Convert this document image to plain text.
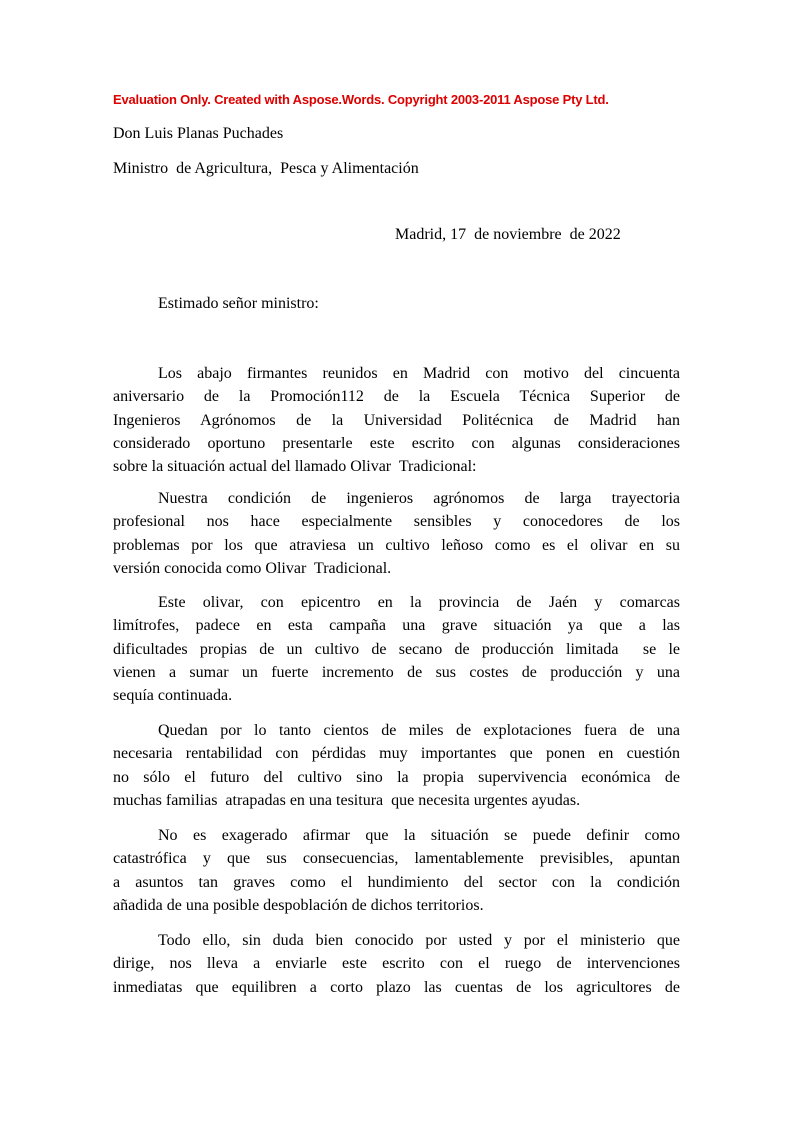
Evaluation Only. Created with Aspose.Words. Copyright 2003-2011 Aspose Pty Ltd.
Don Luis Planas Puchades
Ministro  de Agricultura,  Pesca y Alimentación
Madrid, 17  de noviembre  de 2022
Estimado señor ministro:
Los abajo firmantes reunidos en Madrid con motivo del cincuenta
aniversario de la Promoción112 de la Escuela Técnica Superior de
Ingenieros Agrónomos de la Universidad Politécnica de Madrid han
considerado oportuno presentarle este escrito con algunas consideraciones
sobre la situación actual del llamado Olivar  Tradicional:
Nuestra condición de ingenieros agrónomos de larga trayectoria
profesional nos hace especialmente sensibles y conocedores de los
problemas por los que atraviesa un cultivo leñoso como es el olivar en su
versión conocida como Olivar  Tradicional.
Este olivar, con epicentro en la provincia de Jaén y comarcas
limítrofes, padece en esta campaña una grave situación ya que a las
dificultades propias de un cultivo de secano de producción limitada  se le
vienen a sumar un fuerte incremento de sus costes de producción y una
sequía continuada.
Quedan por lo tanto cientos de miles de explotaciones fuera de una
necesaria rentabilidad con pérdidas muy importantes que ponen en cuestión
no sólo el futuro del cultivo sino la propia supervivencia económica de
muchas familias  atrapadas en una tesitura  que necesita urgentes ayudas.
No es exagerado afirmar que la situación se puede definir como
catastrófica y que sus consecuencias, lamentablemente previsibles, apuntan
a asuntos tan graves como el hundimiento del sector con la condición
añadida de una posible despoblación de dichos territorios.
Todo ello, sin duda bien conocido por usted y por el ministerio que
dirige, nos lleva a enviarle este escrito con el ruego de intervenciones
inmediatas que equilibren a corto plazo las cuentas de los agricultores de
